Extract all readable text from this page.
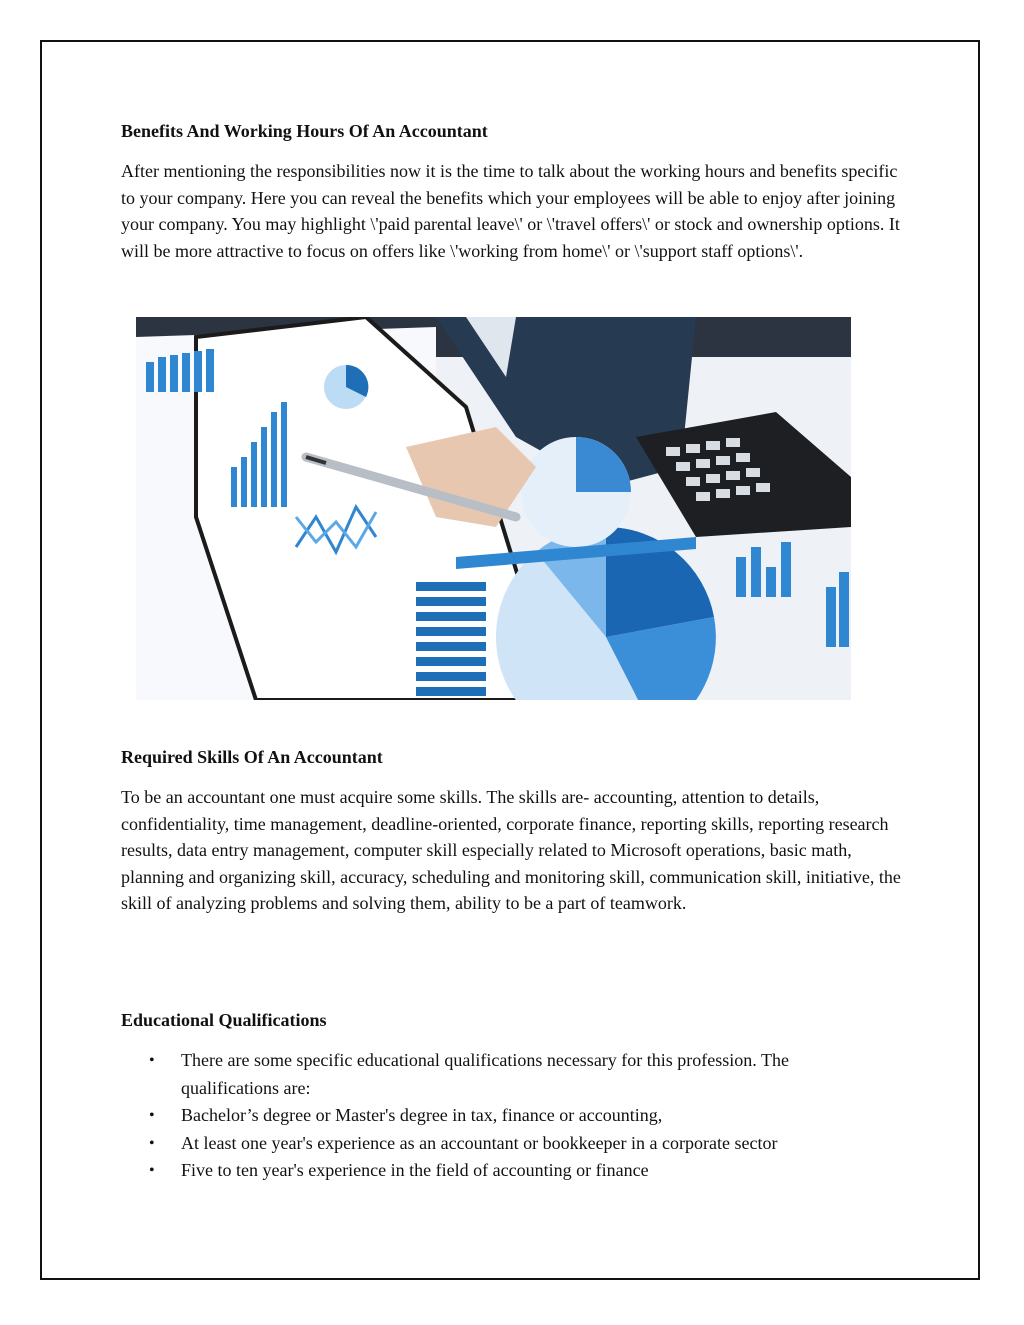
Benefits And Working Hours Of An Accountant

After mentioning the responsibilities now it is the time to talk about the working hours and benefits specific to your company. Here you can reveal the benefits which your employees will be able to enjoy after joining your company. You may highlight \'paid parental leave\' or \'travel offers\' or stock and ownership options. It will be more attractive to focus on offers like \'working from home\' or \'support staff options\'.

Required Skills Of An Accountant

To be an accountant one must acquire some skills. The skills are- accounting, attention to details, confidentiality, time management, deadline-oriented, corporate finance, reporting skills, reporting research results, data entry management, computer skill especially related to Microsoft operations, basic math, planning and organizing skill, accuracy, scheduling and monitoring skill, communication skill, initiative, the skill of analyzing problems and solving them, ability to be a part of teamwork.

Educational Qualifications
• There are some specific educational qualifications necessary for this profession. The qualifications are:
• Bachelor’s degree or Master's degree in tax, finance or accounting,
• At least one year's experience as an accountant or bookkeeper in a corporate sector
• Five to ten year's experience in the field of accounting or finance
